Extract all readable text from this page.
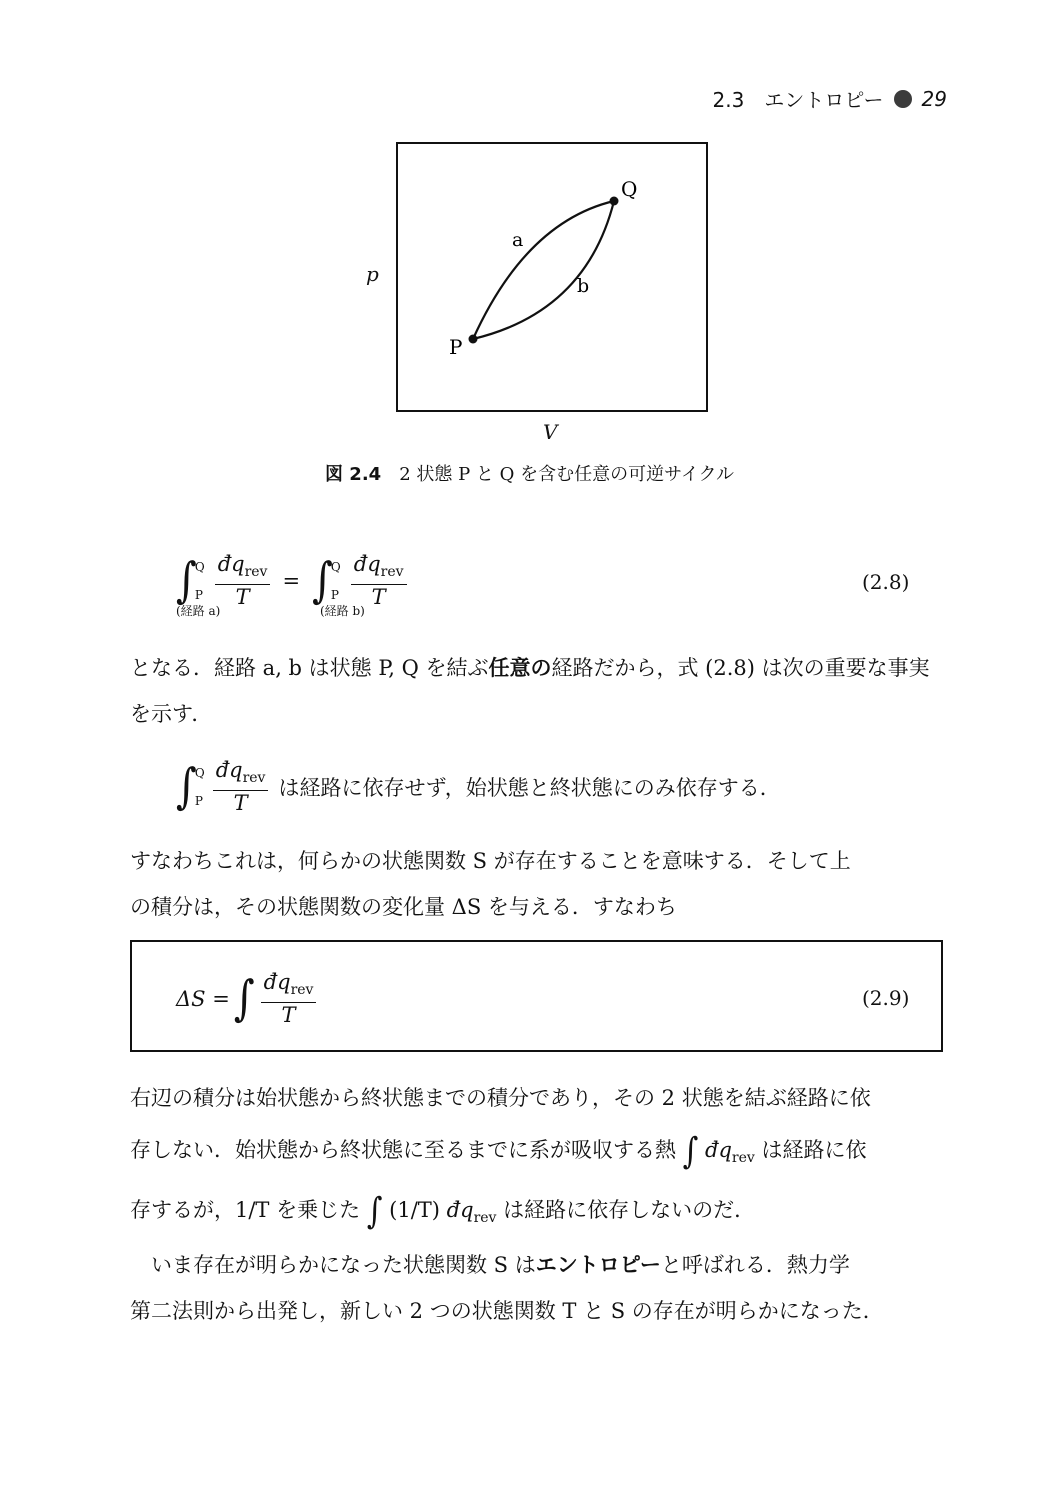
2.3　エントロピー 29
Q
P
a
b
p
V
図 2.4 2 状態 P と Q を含む任意の可逆サイクル
∫
Q
P $\frac{đq_{rev}}{T}$ = ∫
Q
P $\frac{đq_{rev}}{T}$
(経路 a)	(経路 b)
(2.8)
となる．経路 a, b は状態 P, Q を結ぶ任意の経路だから，式 (2.8) は次の重要な事実を示す．
∫
Q
P $\frac{đq_{rev}}{T}$ は経路に依存せず，始状態と終状態にのみ依存する．
すなわちこれは，何らかの状態関数 S が存在することを意味する．そして上
の積分は，その状態関数の変化量 ΔS を与える．すなわち
ΔS = ∫ $\frac{đq_{rev}}{T}$	(2.9)
右辺の積分は始状態から終状態までの積分であり，その 2 状態を結ぶ経路に依
存しない．始状態から終状態に至るまでに系が吸収する熱 ∫ $đq_{rev}$ は経路に依
存するが，1/T を乗じた ∫ (1/T) $đq_{rev}$ は経路に依存しないのだ．
いま存在が明らかになった状態関数 S はエントロピーと呼ばれる．熱力学
第二法則から出発し，新しい 2 つの状態関数 T と S の存在が明らかになった．
